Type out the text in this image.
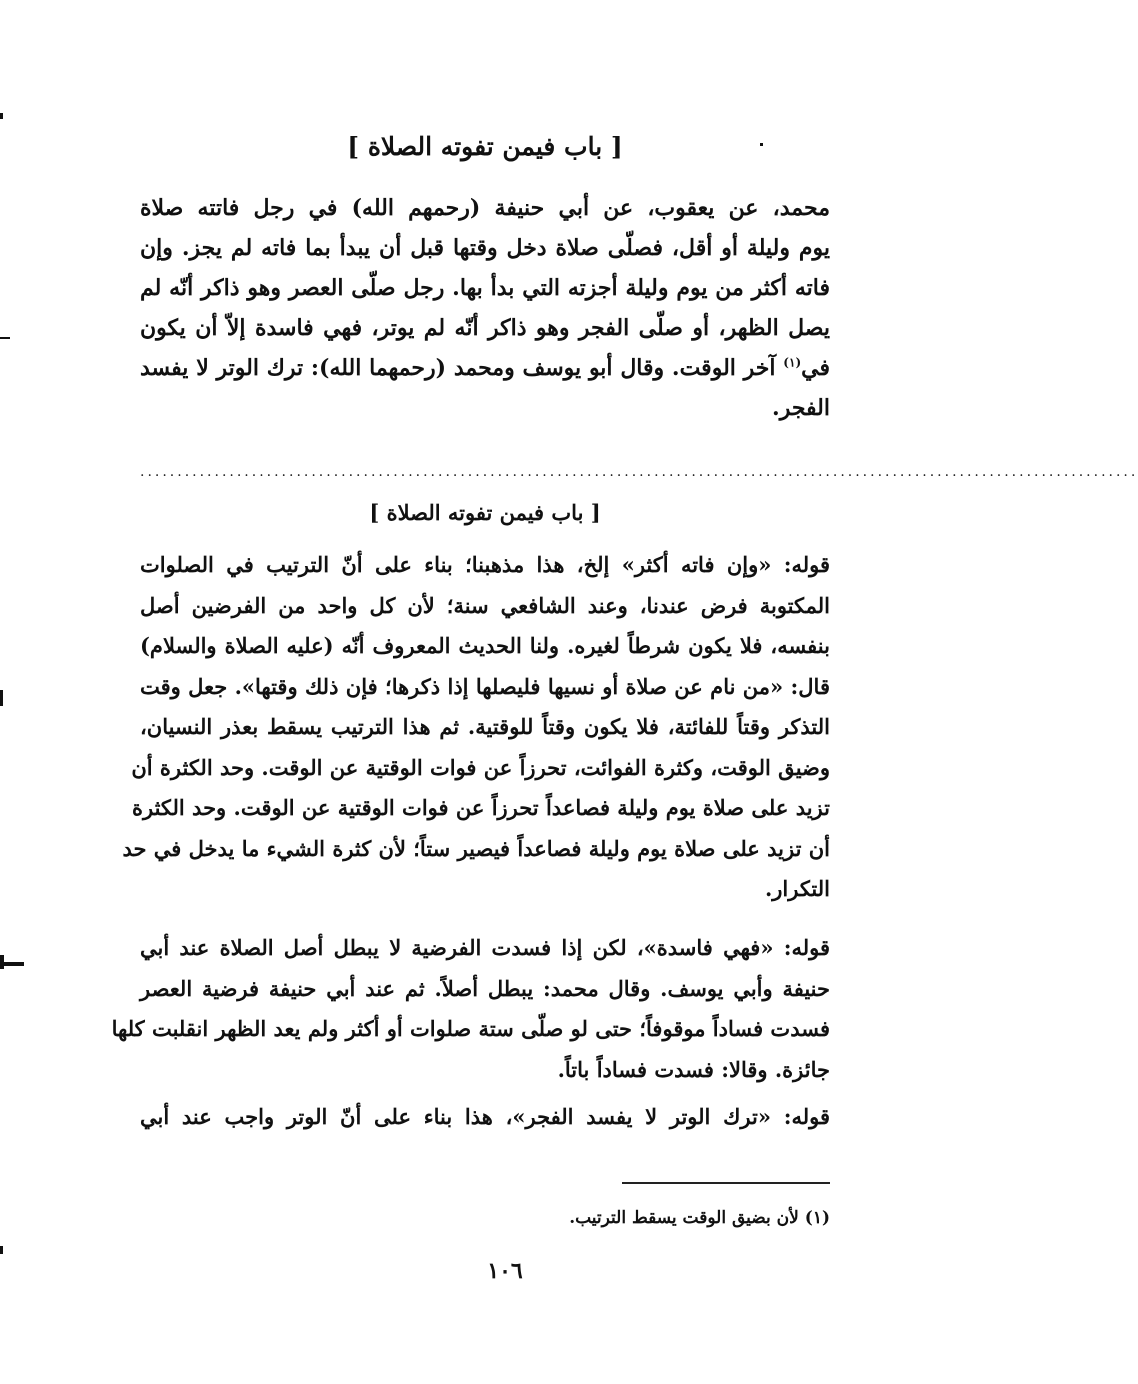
[ باب فيمن تفوته الصلاة ]
محمد، عن يعقوب، عن أبي حنيفة (رحمهم الله) في رجل فاتته صلاة
يوم وليلة أو أقل، فصلّى صلاة دخل وقتها قبل أن يبدأ بما فاته لم يجز. وإن
فاته أكثر من يوم وليلة أجزته التي بدأ بها. رجل صلّى العصر وهو ذاكر أنّه لم
يصل الظهر، أو صلّى الفجر وهو ذاكر أنّه لم يوتر، فهي فاسدة إلاّ أن يكون
في$^{(١)}$ آخر الوقت. وقال أبو يوسف ومحمد (رحمهما الله): ترك الوتر لا يفسد
الفجر.
......................................................................................................................................
[ باب فيمن تفوته الصلاة ]
قوله: «وإن فاته أكثر» إلخ، هذا مذهبنا؛ بناء على أنّ الترتيب في الصلوات
المكتوبة فرض عندنا، وعند الشافعي سنة؛ لأن كل واحد من الفرضين أصل
بنفسه، فلا يكون شرطاً لغيره. ولنا الحديث المعروف أنّه (عليه الصلاة والسلام)
قال: «من نام عن صلاة أو نسيها فليصلها إذا ذكرها؛ فإن ذلك وقتها». جعل وقت
التذكر وقتاً للفائتة، فلا يكون وقتاً للوقتية. ثم هذا الترتيب يسقط بعذر النسيان،
وضيق الوقت، وكثرة الفوائت، تحرزاً عن فوات الوقتية عن الوقت. وحد الكثرة أن
تزيد على صلاة يوم وليلة فصاعداً تحرزاً عن فوات الوقتية عن الوقت. وحد الكثرة
أن تزيد على صلاة يوم وليلة فصاعداً فيصير ستاً؛ لأن كثرة الشيء ما يدخل في حد
التكرار.
قوله: «فهي فاسدة»، لكن إذا فسدت الفرضية لا يبطل أصل الصلاة عند أبي
حنيفة وأبي يوسف. وقال محمد: يبطل أصلاً. ثم عند أبي حنيفة فرضية العصر
فسدت فساداً موقوفاً؛ حتى لو صلّى ستة صلوات أو أكثر ولم يعد الظهر انقلبت كلها
جائزة. وقالا: فسدت فساداً باتاً.
قوله: «ترك الوتر لا يفسد الفجر»، هذا بناء على أنّ الوتر واجب عند أبي
(١) لأن بضيق الوقت يسقط الترتيب.
١٠٦
